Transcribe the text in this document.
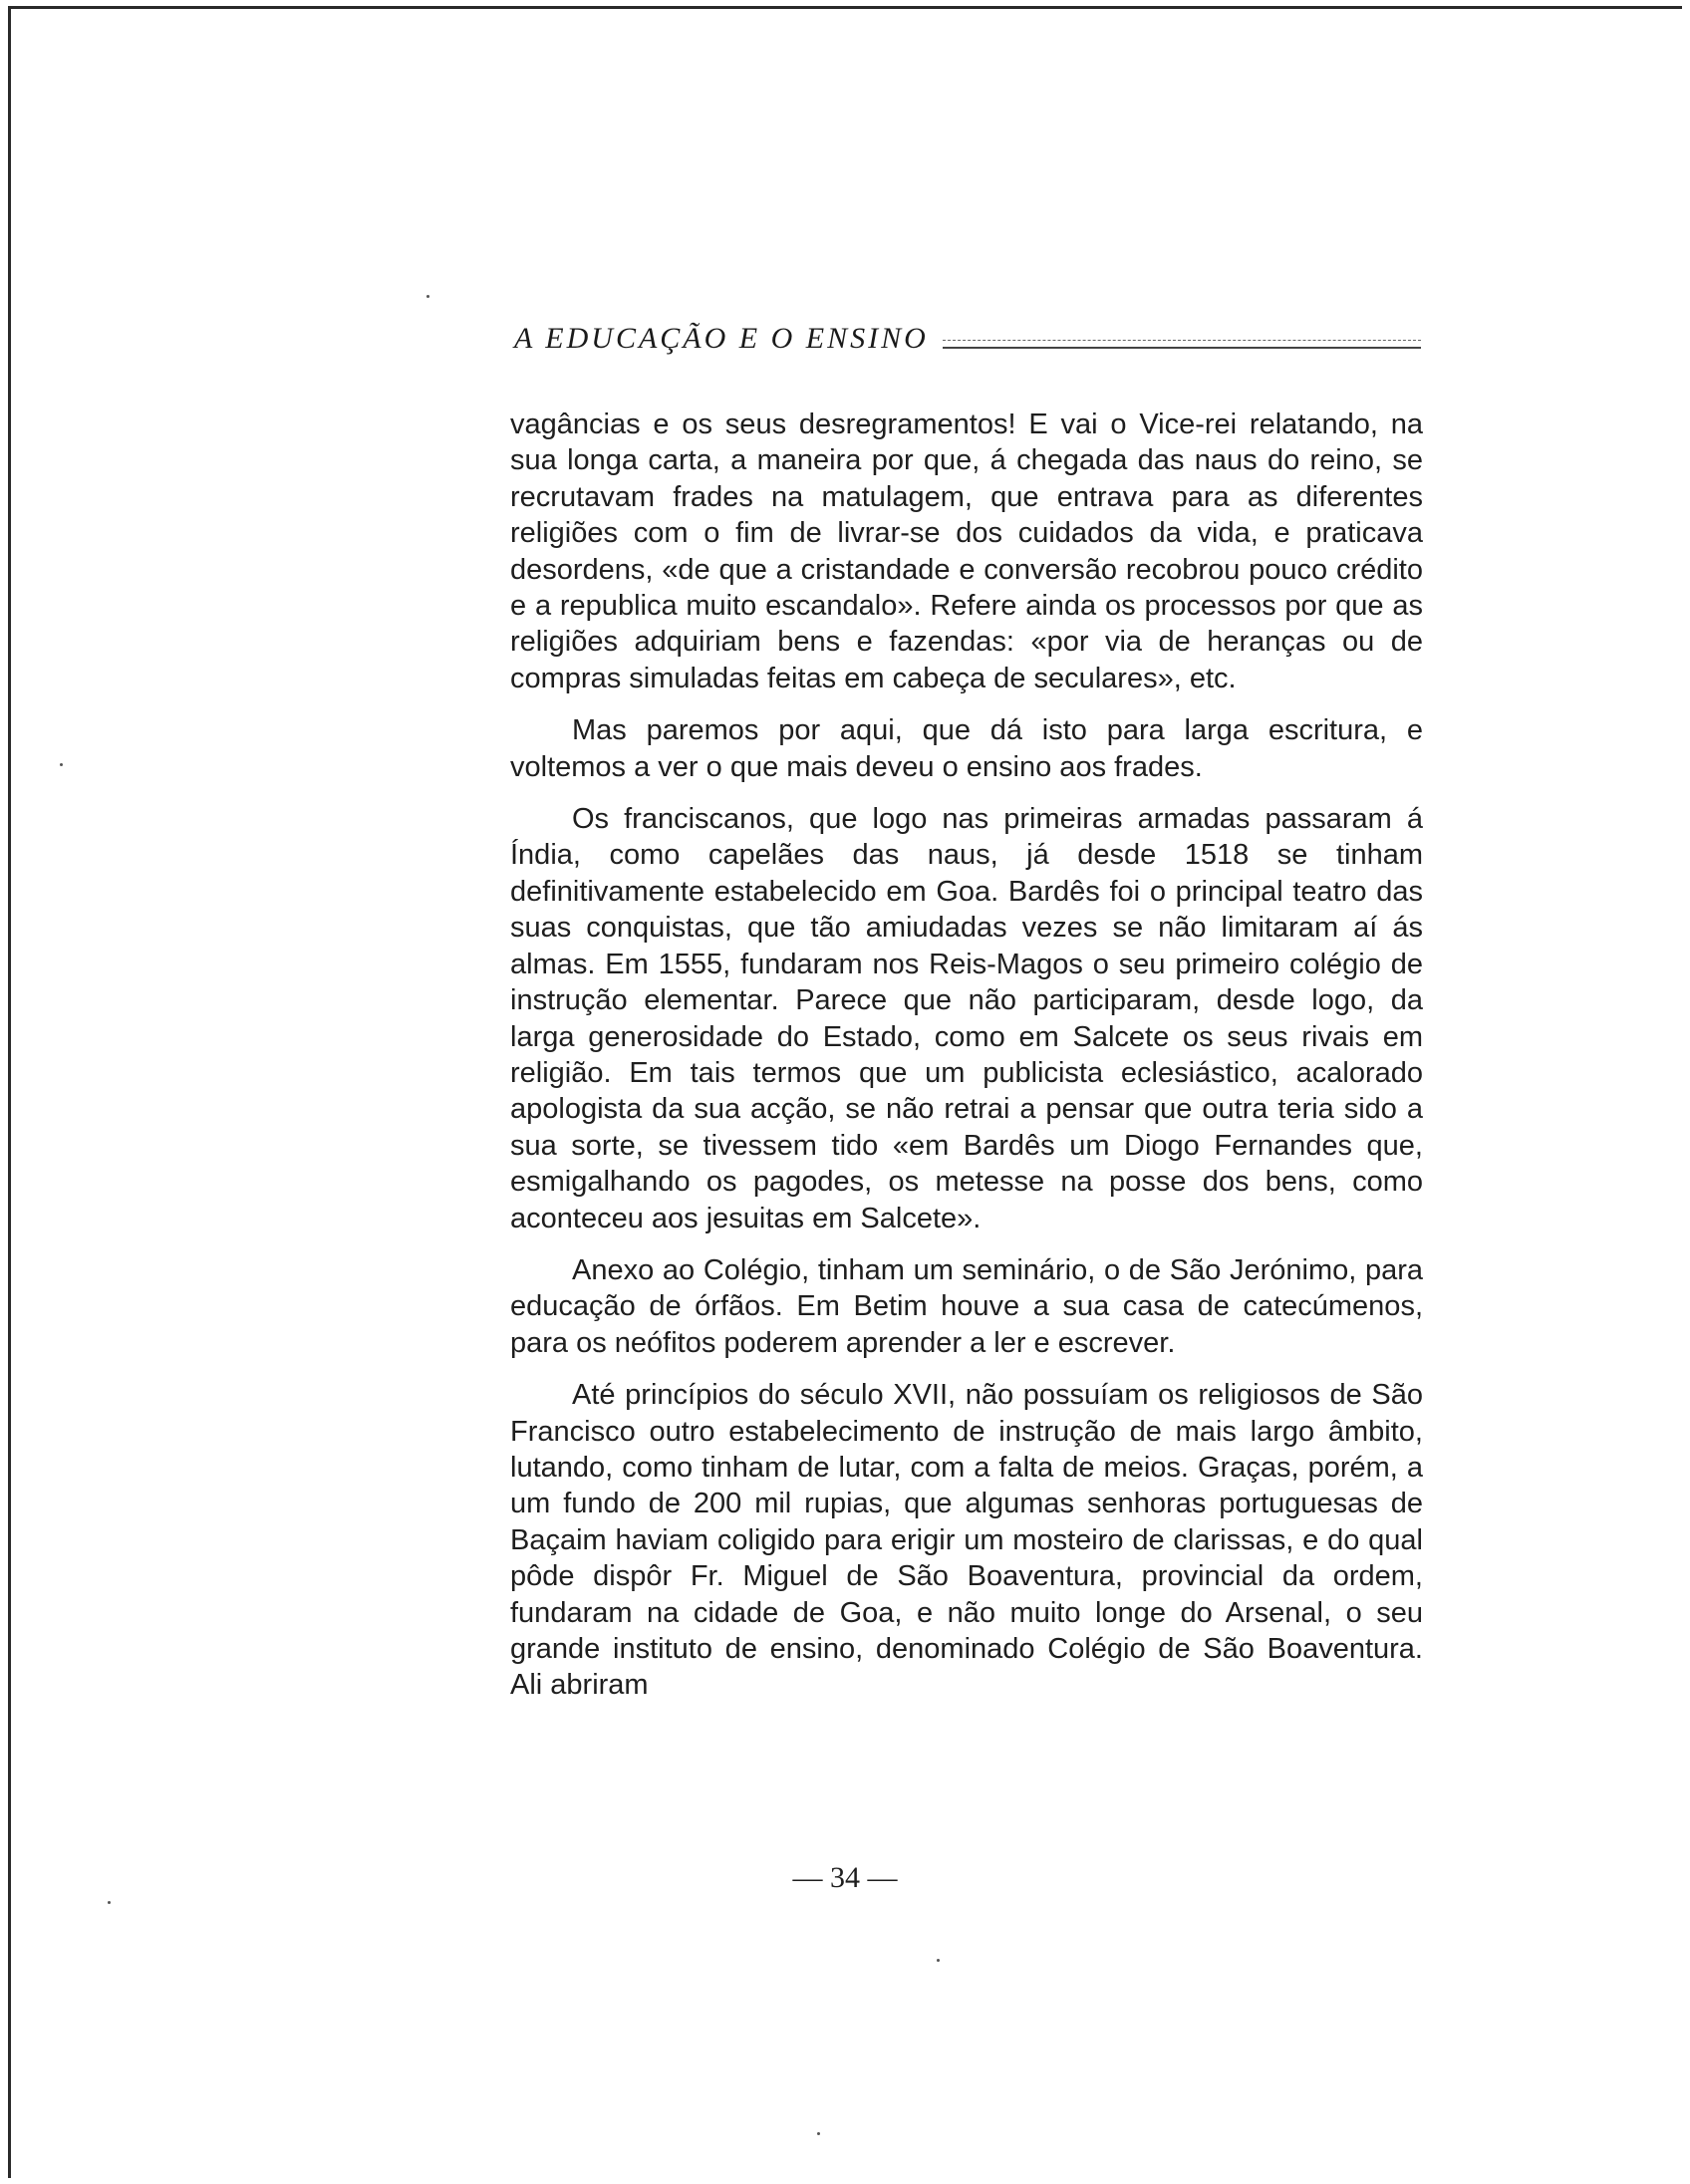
A EDUCAÇÃO E O ENSINO

vagâncias e os seus desregramentos! E vai o Vice-rei relatando, na sua longa carta, a maneira por que, á chegada das naus do reino, se recrutavam frades na matulagem, que entrava para as diferentes religiões com o fim de livrar-se dos cuidados da vida, e praticava desordens, «de que a cristandade e conversão recobrou pouco crédito e a republica muito escandalo». Refere ainda os processos por que as religiões adquiriam bens e fazendas: «por via de heranças ou de compras simuladas feitas em cabeça de seculares», etc.

Mas paremos por aqui, que dá isto para larga escritura, e voltemos a ver o que mais deveu o ensino aos frades.

Os franciscanos, que logo nas primeiras armadas passaram á Índia, como capelães das naus, já desde 1518 se tinham definitivamente estabelecido em Goa. Bardês foi o principal teatro das suas conquistas, que tão amiudadas vezes se não limitaram aí ás almas. Em 1555, fundaram nos Reis-Magos o seu primeiro colégio de instrução elementar. Parece que não participaram, desde logo, da larga generosidade do Estado, como em Salcete os seus rivais em religião. Em tais termos que um publicista eclesiástico, acalorado apologista da sua acção, se não retrai a pensar que outra teria sido a sua sorte, se tivessem tido «em Bardês um Diogo Fernandes que, esmigalhando os pagodes, os metesse na posse dos bens, como aconteceu aos jesuitas em Salcete».

Anexo ao Colégio, tinham um seminário, o de São Jerónimo, para educação de órfãos. Em Betim houve a sua casa de catecúmenos, para os neófitos poderem aprender a ler e escrever.

Até princípios do século XVII, não possuíam os religiosos de São Francisco outro estabelecimento de instrução de mais largo âmbito, lutando, como tinham de lutar, com a falta de meios. Graças, porém, a um fundo de 200 mil rupias, que algumas senhoras portuguesas de Baçaim haviam coligido para erigir um mosteiro de clarissas, e do qual pôde dispôr Fr. Miguel de São Boaventura, provincial da ordem, fundaram na cidade de Goa, e não muito longe do Arsenal, o seu grande instituto de ensino, denominado Colégio de São Boaventura. Ali abriram

— 34 —
